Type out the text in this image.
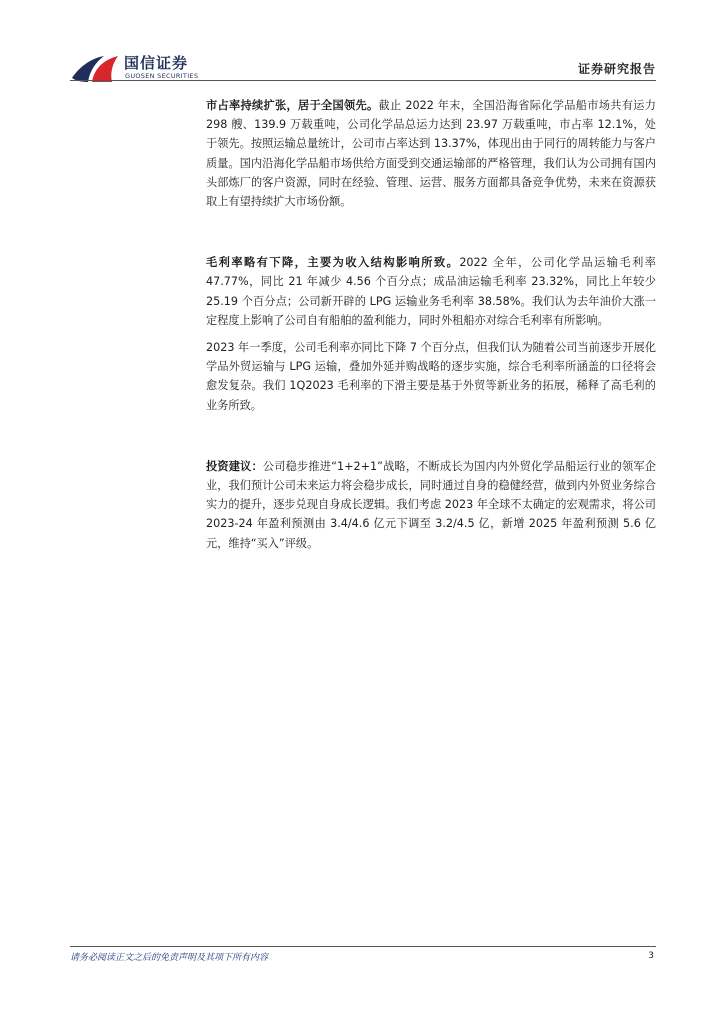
国信证券
GUOSEN SECURITIES	证券研究报告

市占率持续扩张，居于全国领先。截止 2022 年末，全国沿海省际化学品船市场共有运力 298 艘、139.9 万载重吨，公司化学品总运力达到 23.97 万载重吨，市占率 12.1%，处于领先。按照运输总量统计，公司市占率达到 13.37%，体现出由于同行的周转能力与客户质量。国内沿海化学品船市场供给方面受到交通运输部的严格管理，我们认为公司拥有国内头部炼厂的客户资源，同时在经验、管理、运营、服务方面都具备竞争优势，未来在资源获取上有望持续扩大市场份额。

毛利率略有下降，主要为收入结构影响所致。2022 全年，公司化学品运输毛利率 47.77%，同比 21 年减少 4.56 个百分点；成品油运输毛利率 23.32%，同比上年较少 25.19 个百分点；公司新开辟的 LPG 运输业务毛利率 38.58%。我们认为去年油价大涨一定程度上影响了公司自有船舶的盈利能力，同时外租船亦对综合毛利率有所影响。

2023 年一季度，公司毛利率亦同比下降 7 个百分点，但我们认为随着公司当前逐步开展化学品外贸运输与 LPG 运输，叠加外延并购战略的逐步实施，综合毛利率所涵盖的口径将会愈发复杂。我们 1Q2023 毛利率的下滑主要是基于外贸等新业务的拓展，稀释了高毛利的业务所致。

投资建议：公司稳步推进“1+2+1”战略，不断成长为国内内外贸化学品船运行业的领军企业，我们预计公司未来运力将会稳步成长，同时通过自身的稳健经营，做到内外贸业务综合实力的提升，逐步兑现自身成长逻辑。我们考虑 2023 年全球不太确定的宏观需求，将公司 2023-24 年盈利预测由 3.4/4.6 亿元下调至 3.2/4.5 亿，新增 2025 年盈利预测 5.6 亿元，维持“买入”评级。

请务必阅读正文之后的免责声明及其项下所有内容	3
